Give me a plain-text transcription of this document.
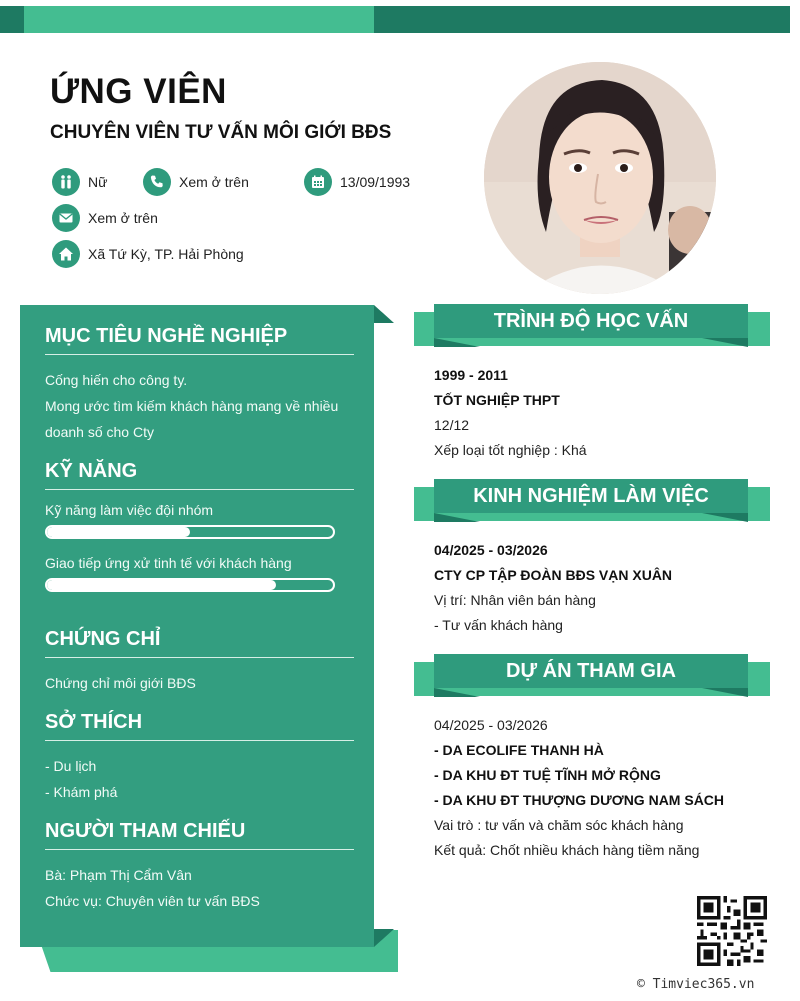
ỨNG VIÊN
CHUYÊN VIÊN TƯ VẤN MÔI GIỚI BĐS
Nữ	Xem ở trên	13/09/1993
Xem ở trên
Xã Tứ Kỳ, TP. Hải Phòng
MỤC TIÊU NGHỀ NGHIỆP
Cống hiến cho công ty.
Mong ước tìm kiếm khách hàng mang về nhiều
doanh số cho Cty
KỸ NĂNG
Kỹ năng làm việc đội nhóm
Giao tiếp ứng xử tinh tế với khách hàng
CHỨNG CHỈ
Chứng chỉ môi giới BĐS
SỞ THÍCH
- Du lịch
- Khám phá
NGƯỜI THAM CHIẾU
Bà: Phạm Thị Cẩm Vân
Chức vụ: Chuyên viên tư vấn BĐS
TRÌNH ĐỘ HỌC VẤN
1999 - 2011
TỐT NGHIỆP THPT
12/12
Xếp loại tốt nghiệp : Khá
KINH NGHIỆM LÀM VIỆC
04/2025 - 03/2026
CTY CP TẬP ĐOÀN BĐS VẠN XUÂN
Vị trí: Nhân viên bán hàng
- Tư vấn khách hàng
DỰ ÁN THAM GIA
04/2025 - 03/2026
- DA ECOLIFE THANH HÀ
- DA KHU ĐT TUỆ TĨNH MỞ RỘNG
- DA KHU ĐT THƯỢNG DƯƠNG NAM SÁCH
Vai trò : tư vấn và chăm sóc khách hàng
Kết quả: Chốt nhiều khách hàng tiềm năng
© Timviec365.vn
